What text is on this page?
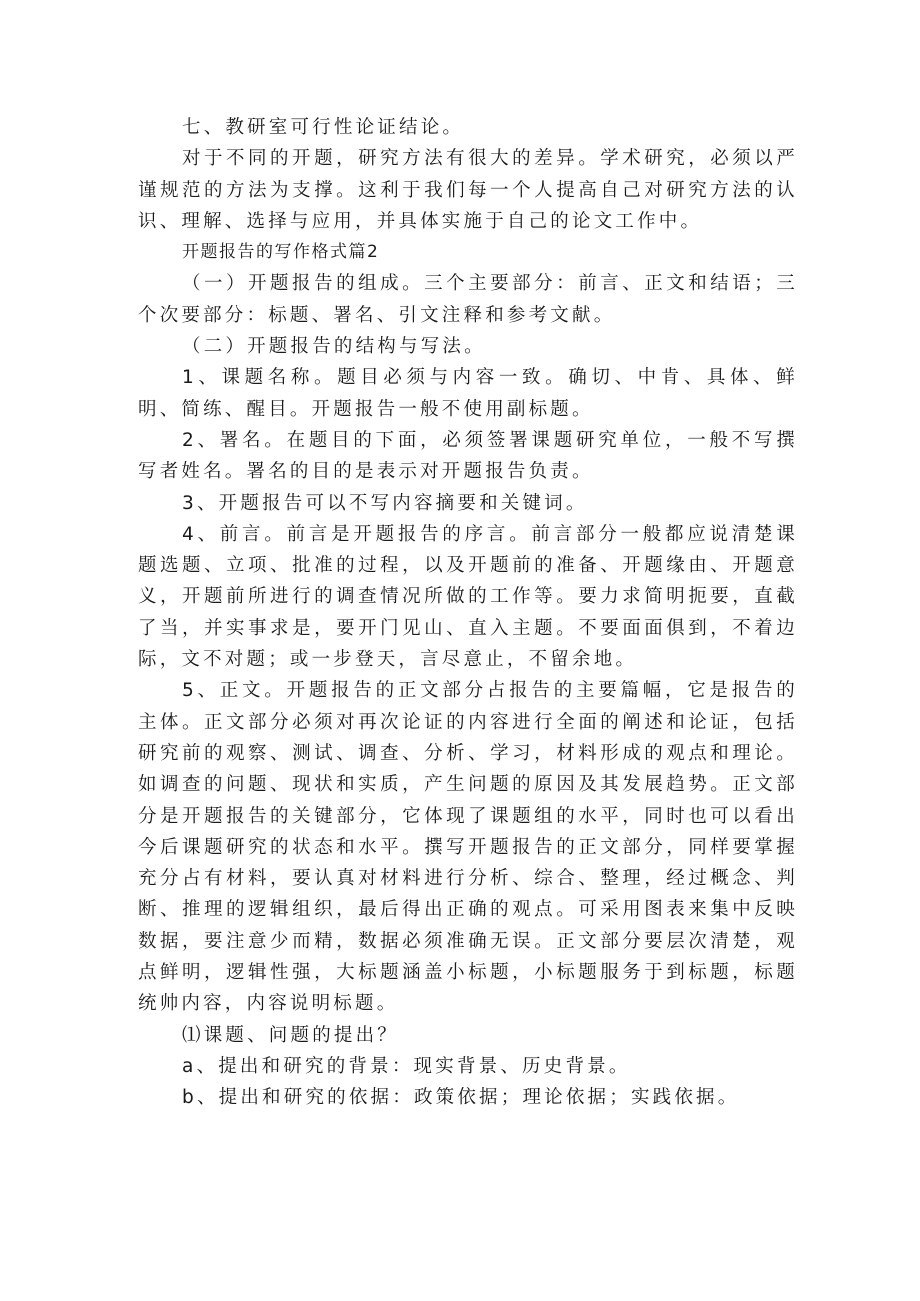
七、教研室可行性论证结论。

对于不同的开题，研究方法有很大的差异。学术研究，必须以严谨规范的方法为支撑。这利于我们每一个人提高自己对研究方法的认识、理解、选择与应用，并具体实施于自己的论文工作中。

开题报告的写作格式篇2

（一）开题报告的组成。三个主要部分：前言、正文和结语；三个次要部分：标题、署名、引文注释和参考文献。

（二）开题报告的结构与写法。

1、课题名称。题目必须与内容一致。确切、中肯、具体、鲜明、简练、醒目。开题报告一般不使用副标题。

2、署名。在题目的下面，必须签署课题研究单位，一般不写撰写者姓名。署名的目的是表示对开题报告负责。

3、开题报告可以不写内容摘要和关键词。

4、前言。前言是开题报告的序言。前言部分一般都应说清楚课题选题、立项、批准的过程，以及开题前的准备、开题缘由、开题意义，开题前所进行的调查情况所做的工作等。要力求简明扼要，直截了当，并实事求是，要开门见山、直入主题。不要面面俱到，不着边际，文不对题；或一步登天，言尽意止，不留余地。

5、正文。开题报告的正文部分占报告的主要篇幅，它是报告的主体。正文部分必须对再次论证的内容进行全面的阐述和论证，包括研究前的观察、测试、调查、分析、学习，材料形成的观点和理论。如调查的问题、现状和实质，产生问题的原因及其发展趋势。正文部分是开题报告的关键部分，它体现了课题组的水平，同时也可以看出今后课题研究的状态和水平。撰写开题报告的正文部分，同样要掌握充分占有材料，要认真对材料进行分析、综合、整理，经过概念、判断、推理的逻辑组织，最后得出正确的观点。可采用图表来集中反映数据，要注意少而精，数据必须准确无误。正文部分要层次清楚，观点鲜明，逻辑性强，大标题涵盖小标题，小标题服务于到标题，标题统帅内容，内容说明标题。

⑴课题、问题的提出？

a、提出和研究的背景：现实背景、历史背景。

b、提出和研究的依据：政策依据；理论依据；实践依据。
